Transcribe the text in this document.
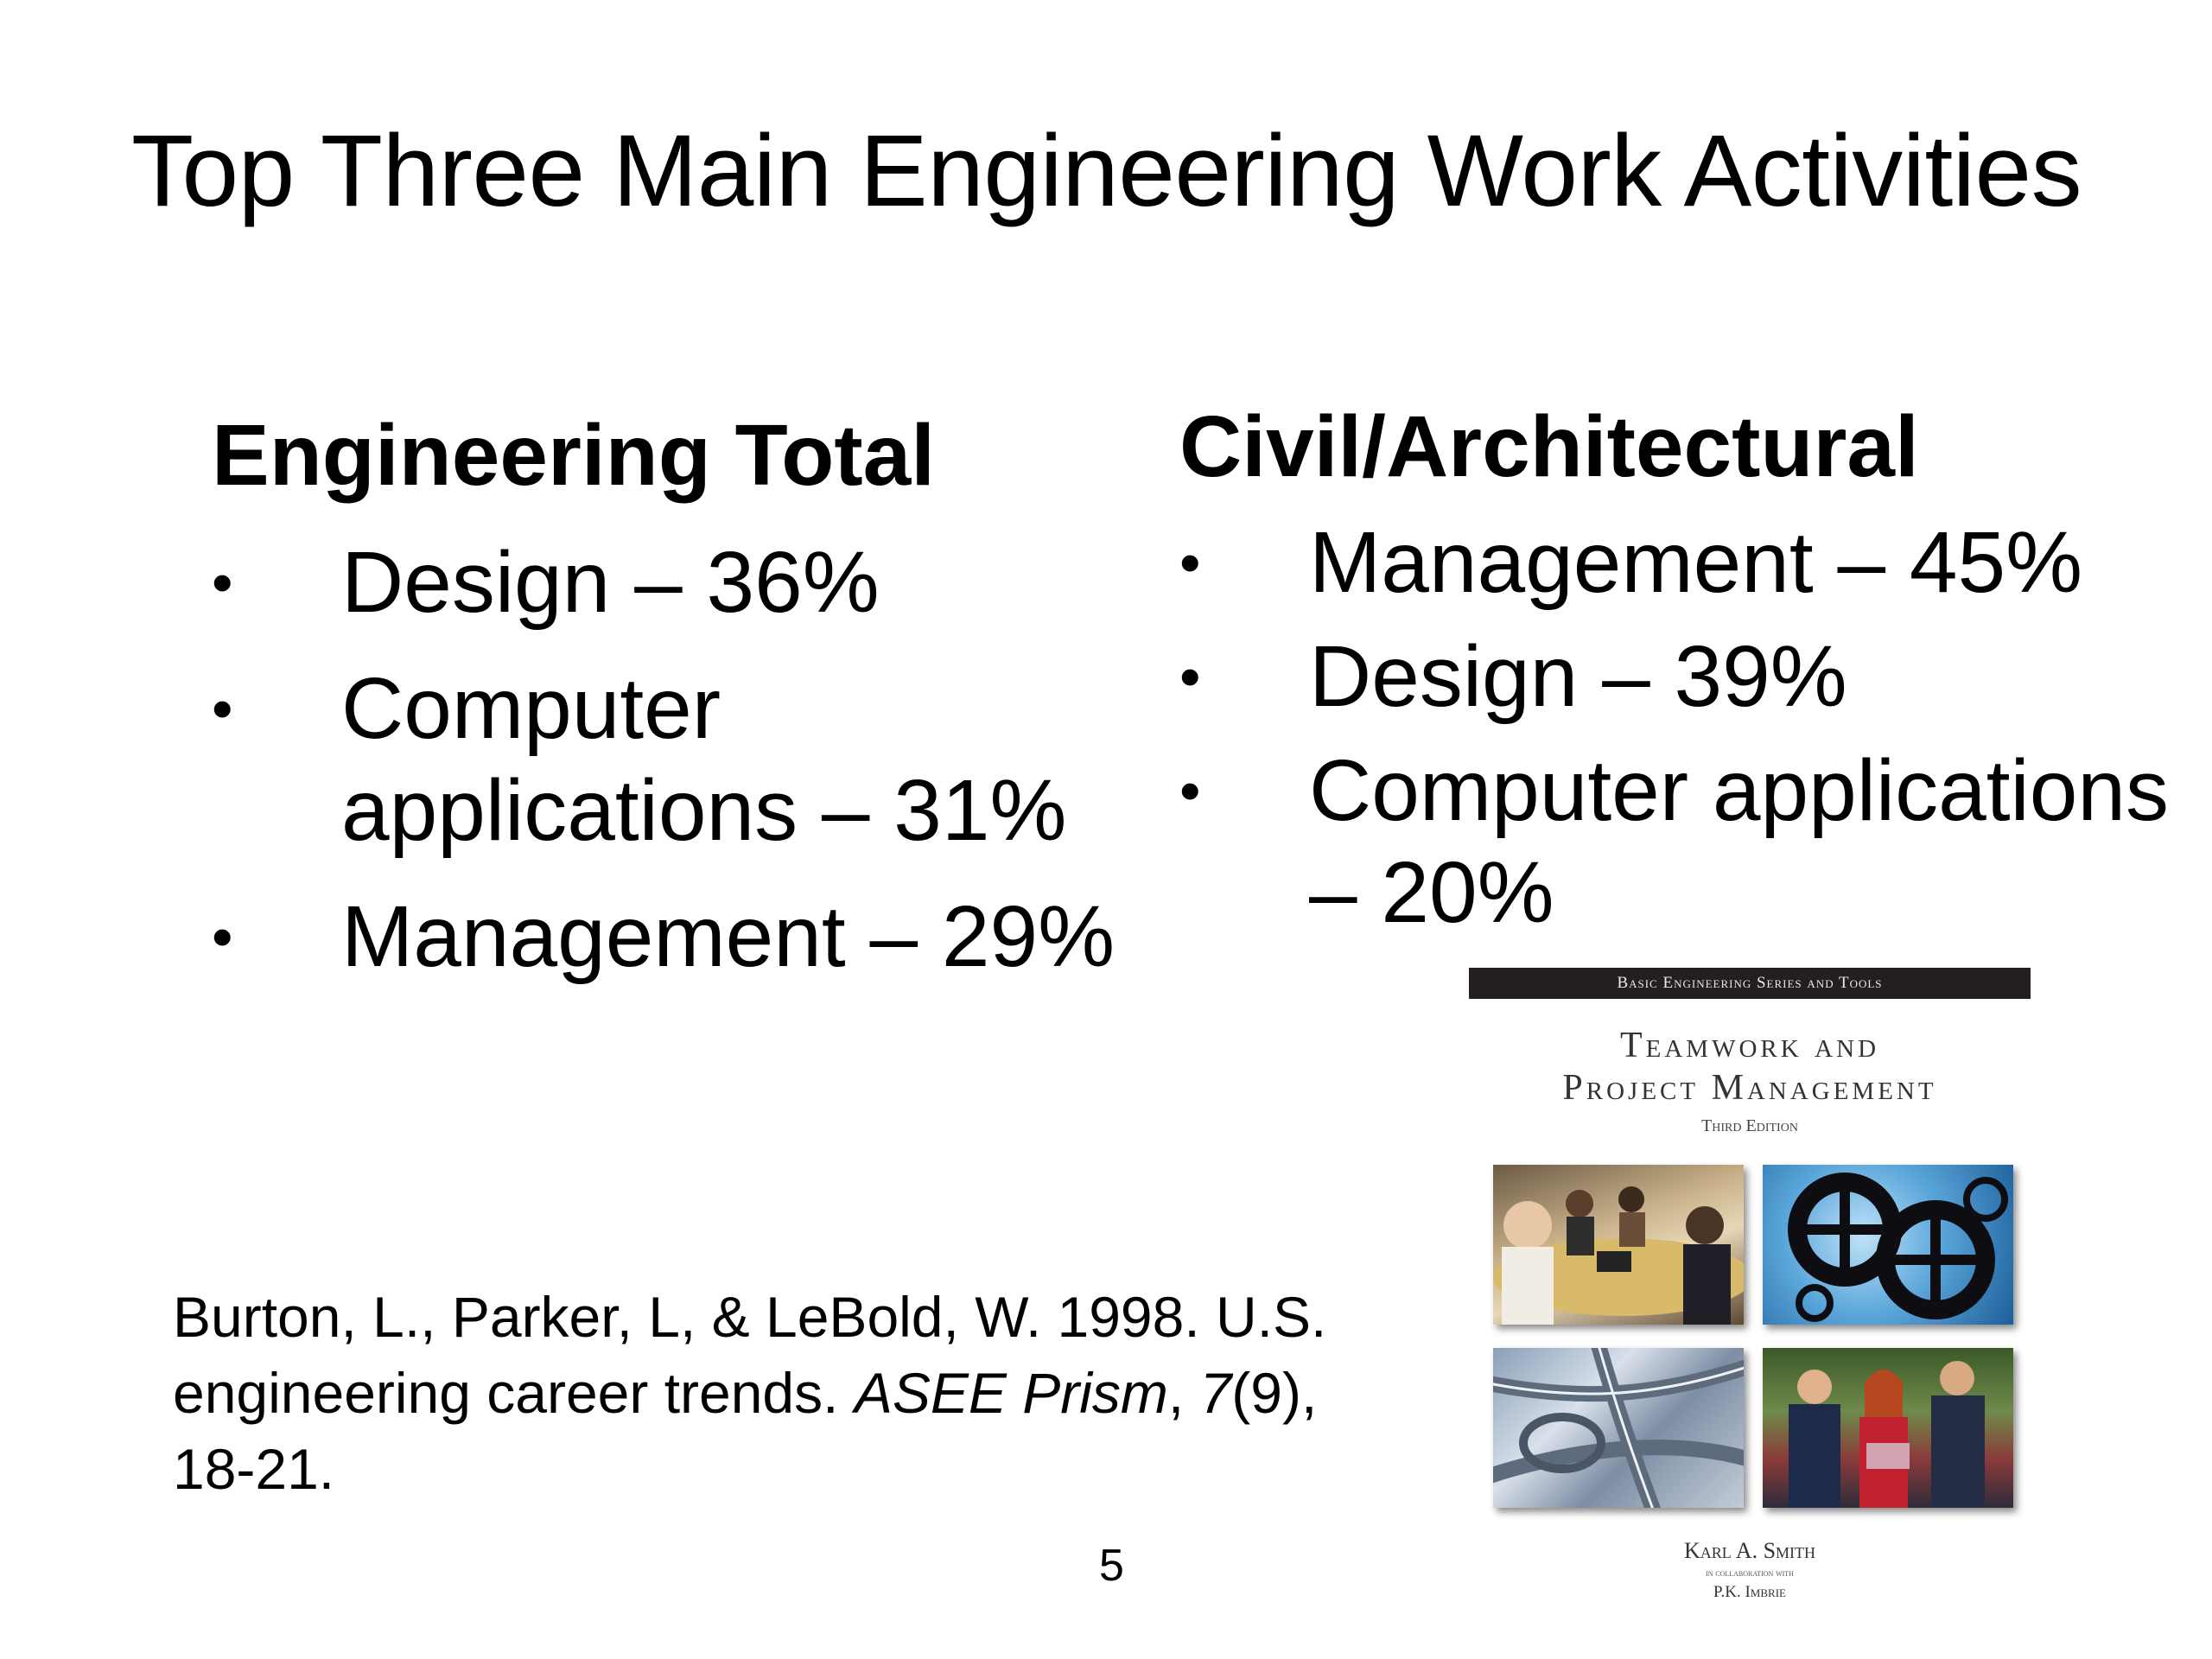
Top Three Main Engineering Work Activities
Engineering Total
• Design – 36%
• Computer applications – 31%
• Management – 29%
Civil/Architectural
• Management – 45%
• Design – 39%
• Computer applications – 20%
Burton, L., Parker, L, & LeBold, W. 1998. U.S. engineering career trends. ASEE Prism, 7(9), 18-21.
5
Basic Engineering Series and Tools
Teamwork and
Project Management
Third Edition
Karl A. Smith
in collaboration with
P.K. Imbrie
